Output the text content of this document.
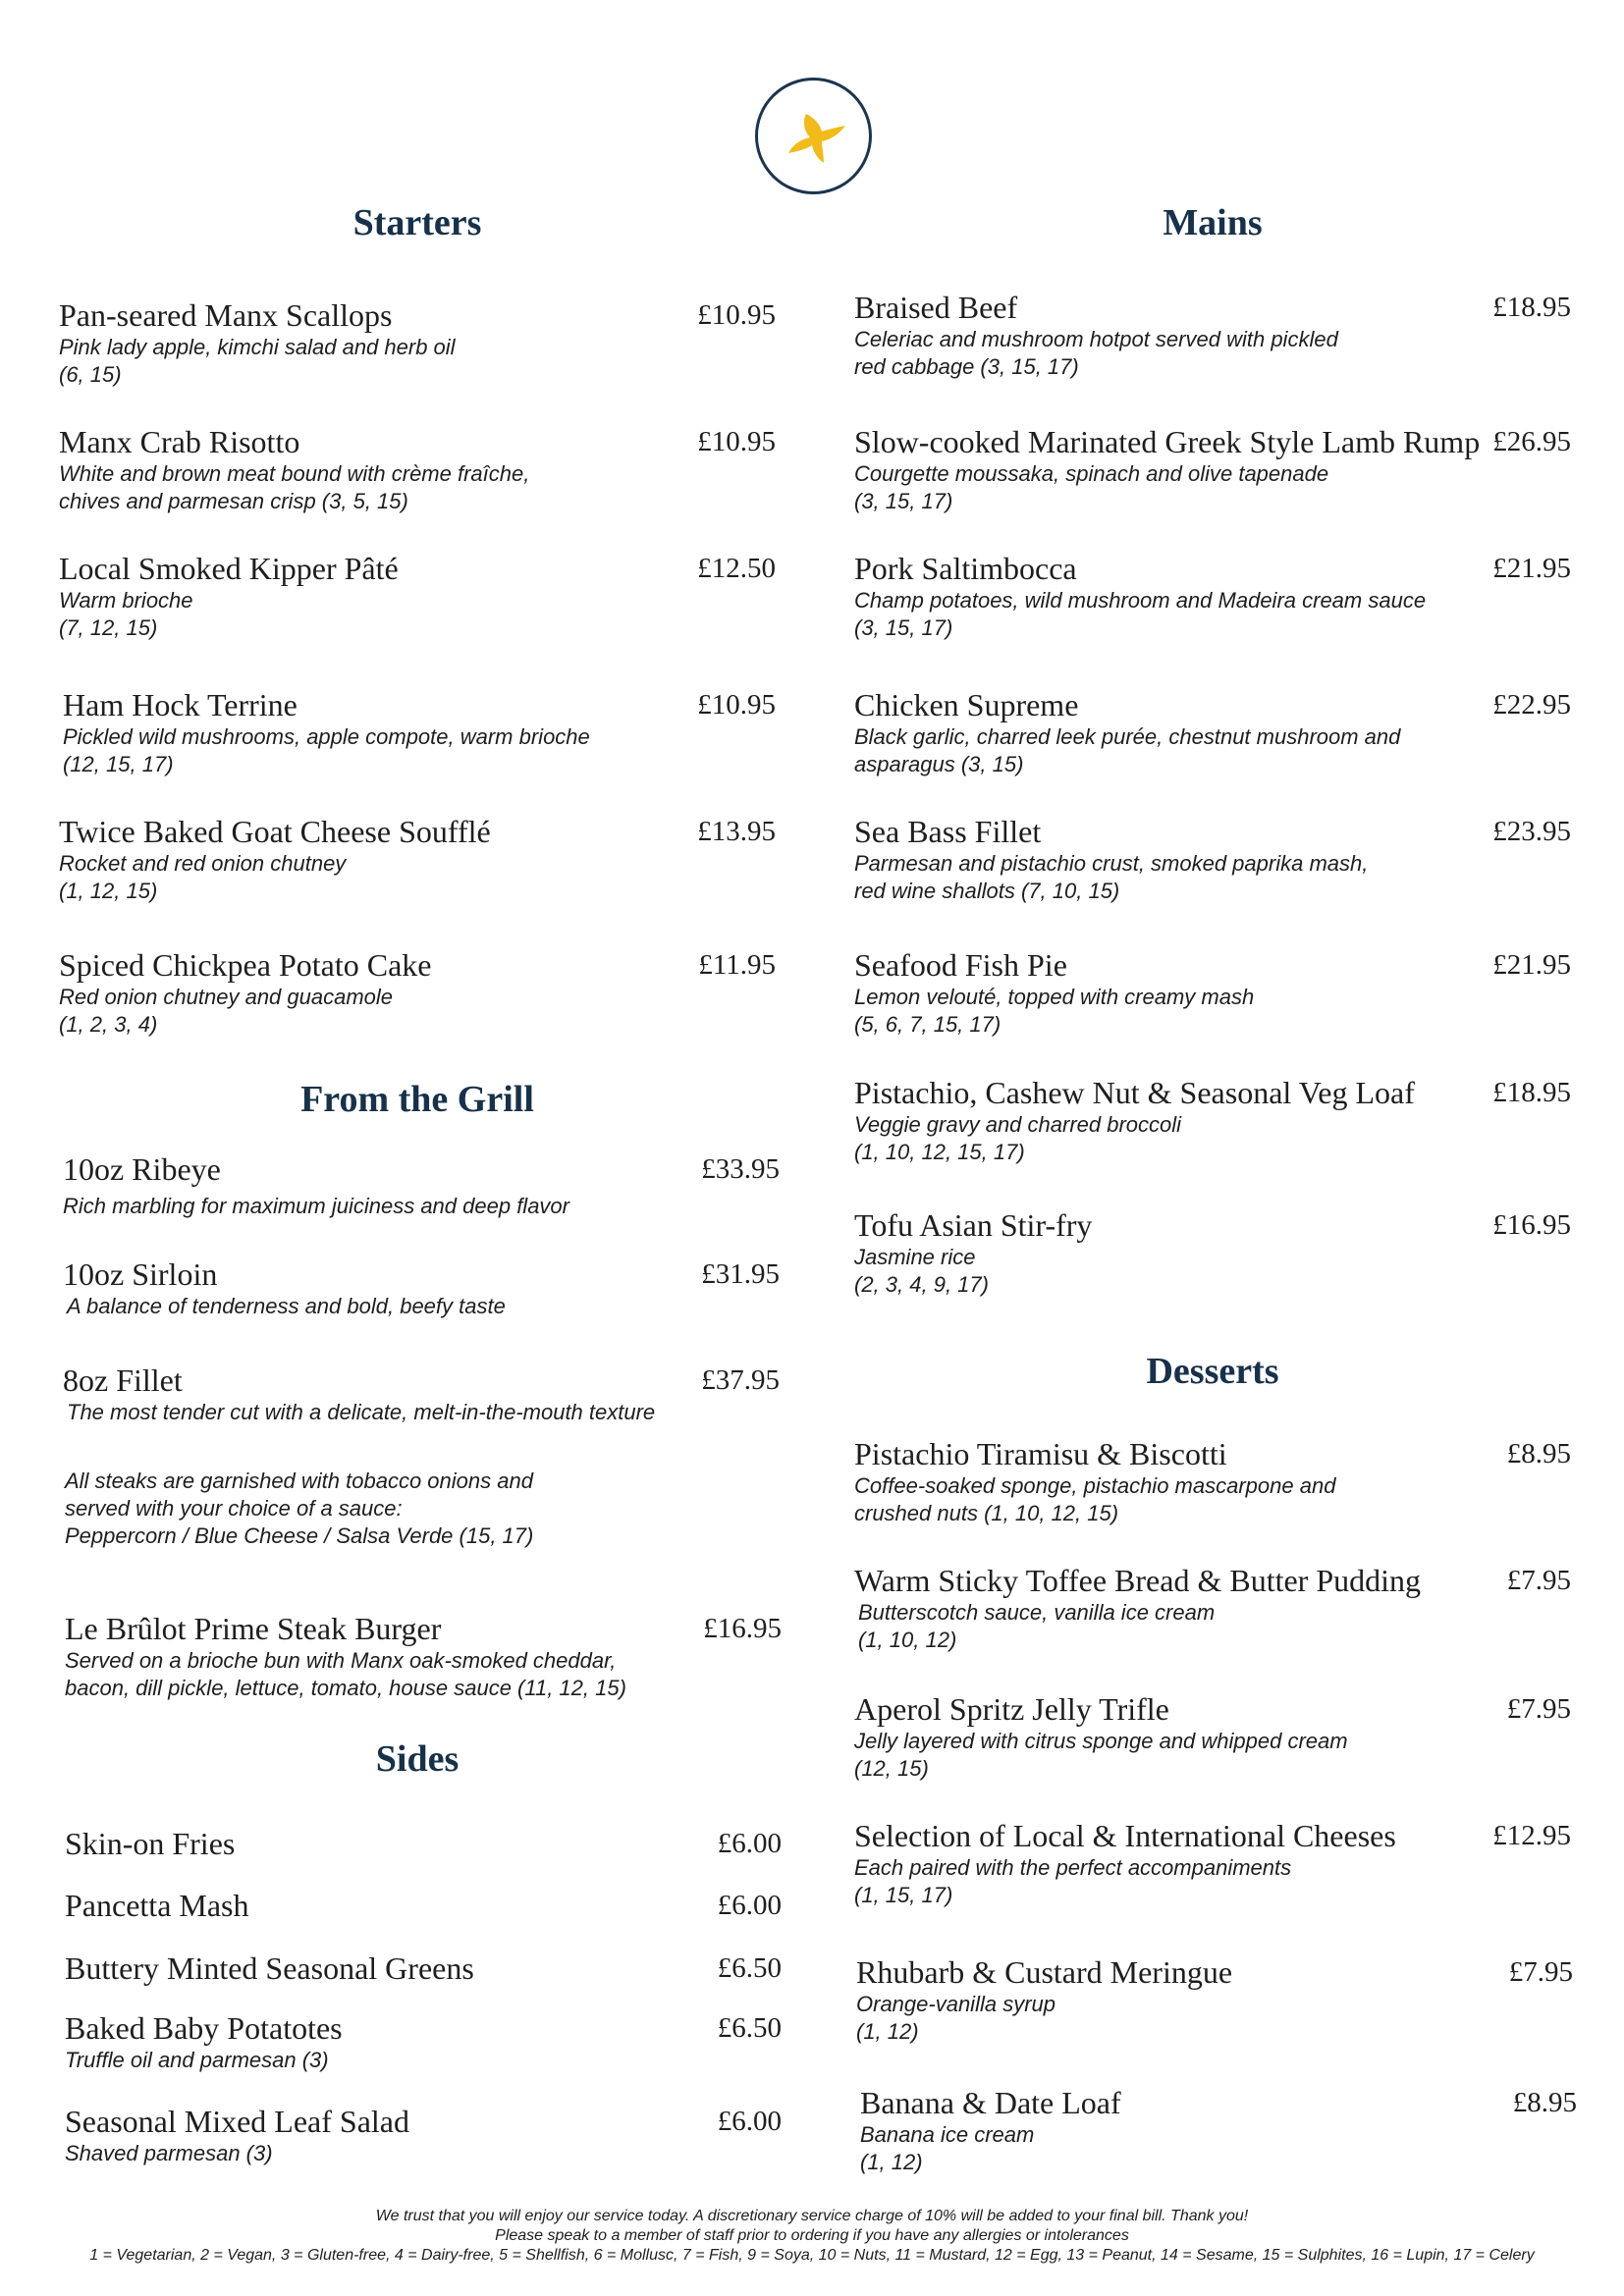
Starters
Pan-seared Manx Scallops	£10.95
Pink lady apple, kimchi salad and herb oil
(6, 15)
Manx Crab Risotto	£10.95
White and brown meat bound with crème fraîche,
chives and parmesan crisp (3, 5, 15)
Local Smoked Kipper Pâté	£12.50
Warm brioche
(7, 12, 15)
Ham Hock Terrine	£10.95
Pickled wild mushrooms, apple compote, warm brioche
(12, 15, 17)
Twice Baked Goat Cheese Soufflé	£13.95
Rocket and red onion chutney
(1, 12, 15)
Spiced Chickpea Potato Cake	£11.95
Red onion chutney and guacamole
(1, 2, 3, 4)
From the Grill
10oz Ribeye	£33.95
Rich marbling for maximum juiciness and deep flavor
10oz Sirloin	£31.95
A balance of tenderness and bold, beefy taste
8oz Fillet	£37.95
The most tender cut with a delicate, melt-in-the-mouth texture
All steaks are garnished with tobacco onions and
served with your choice of a sauce:
Peppercorn / Blue Cheese / Salsa Verde (15, 17)
Le Brûlot Prime Steak Burger	£16.95
Served on a brioche bun with Manx oak-smoked cheddar,
bacon, dill pickle, lettuce, tomato, house sauce (11, 12, 15)
Sides
Skin-on Fries	£6.00
Pancetta Mash	£6.00
Buttery Minted Seasonal Greens	£6.50
Baked Baby Potatotes	£6.50
Truffle oil and parmesan (3)
Seasonal Mixed Leaf Salad	£6.00
Shaved parmesan (3)
Mains
Braised Beef	£18.95
Celeriac and mushroom hotpot served with pickled
red cabbage (3, 15, 17)
Slow-cooked Marinated Greek Style Lamb Rump £26.95
Courgette moussaka, spinach and olive tapenade
(3, 15, 17)
Pork Saltimbocca	£21.95
Champ potatoes, wild mushroom and Madeira cream sauce
(3, 15, 17)
Chicken Supreme	£22.95
Black garlic, charred leek purée, chestnut mushroom and
asparagus (3, 15)
Sea Bass Fillet	£23.95
Parmesan and pistachio crust, smoked paprika mash,
red wine shallots (7, 10, 15)
Seafood Fish Pie	£21.95
Lemon velouté, topped with creamy mash
(5, 6, 7, 15, 17)
Pistachio, Cashew Nut & Seasonal Veg Loaf	£18.95
Veggie gravy and charred broccoli
(1, 10, 12, 15, 17)
Tofu Asian Stir-fry	£16.95
Jasmine rice
(2, 3, 4, 9, 17)
Desserts
Pistachio Tiramisu & Biscotti	£8.95
Coffee-soaked sponge, pistachio mascarpone and
crushed nuts (1, 10, 12, 15)
Warm Sticky Toffee Bread & Butter Pudding	£7.95
Butterscotch sauce, vanilla ice cream
(1, 10, 12)
Aperol Spritz Jelly Trifle	£7.95
Jelly layered with citrus sponge and whipped cream
(12, 15)
Selection of Local & International Cheeses	£12.95
Each paired with the perfect accompaniments
(1, 15, 17)
Rhubarb & Custard Meringue	£7.95
Orange-vanilla syrup
(1, 12)
Banana & Date Loaf	£8.95
Banana ice cream
(1, 12)
We trust that you will enjoy our service today. A discretionary service charge of 10% will be added to your final bill. Thank you!
Please speak to a member of staff prior to ordering if you have any allergies or intolerances
1 = Vegetarian, 2 = Vegan, 3 = Gluten-free, 4 = Dairy-free, 5 = Shellfish, 6 = Mollusc, 7 = Fish, 9 = Soya, 10 = Nuts, 11 = Mustard, 12 = Egg, 13 = Peanut, 14 = Sesame, 15 = Sulphites, 16 = Lupin, 17 = Celery
